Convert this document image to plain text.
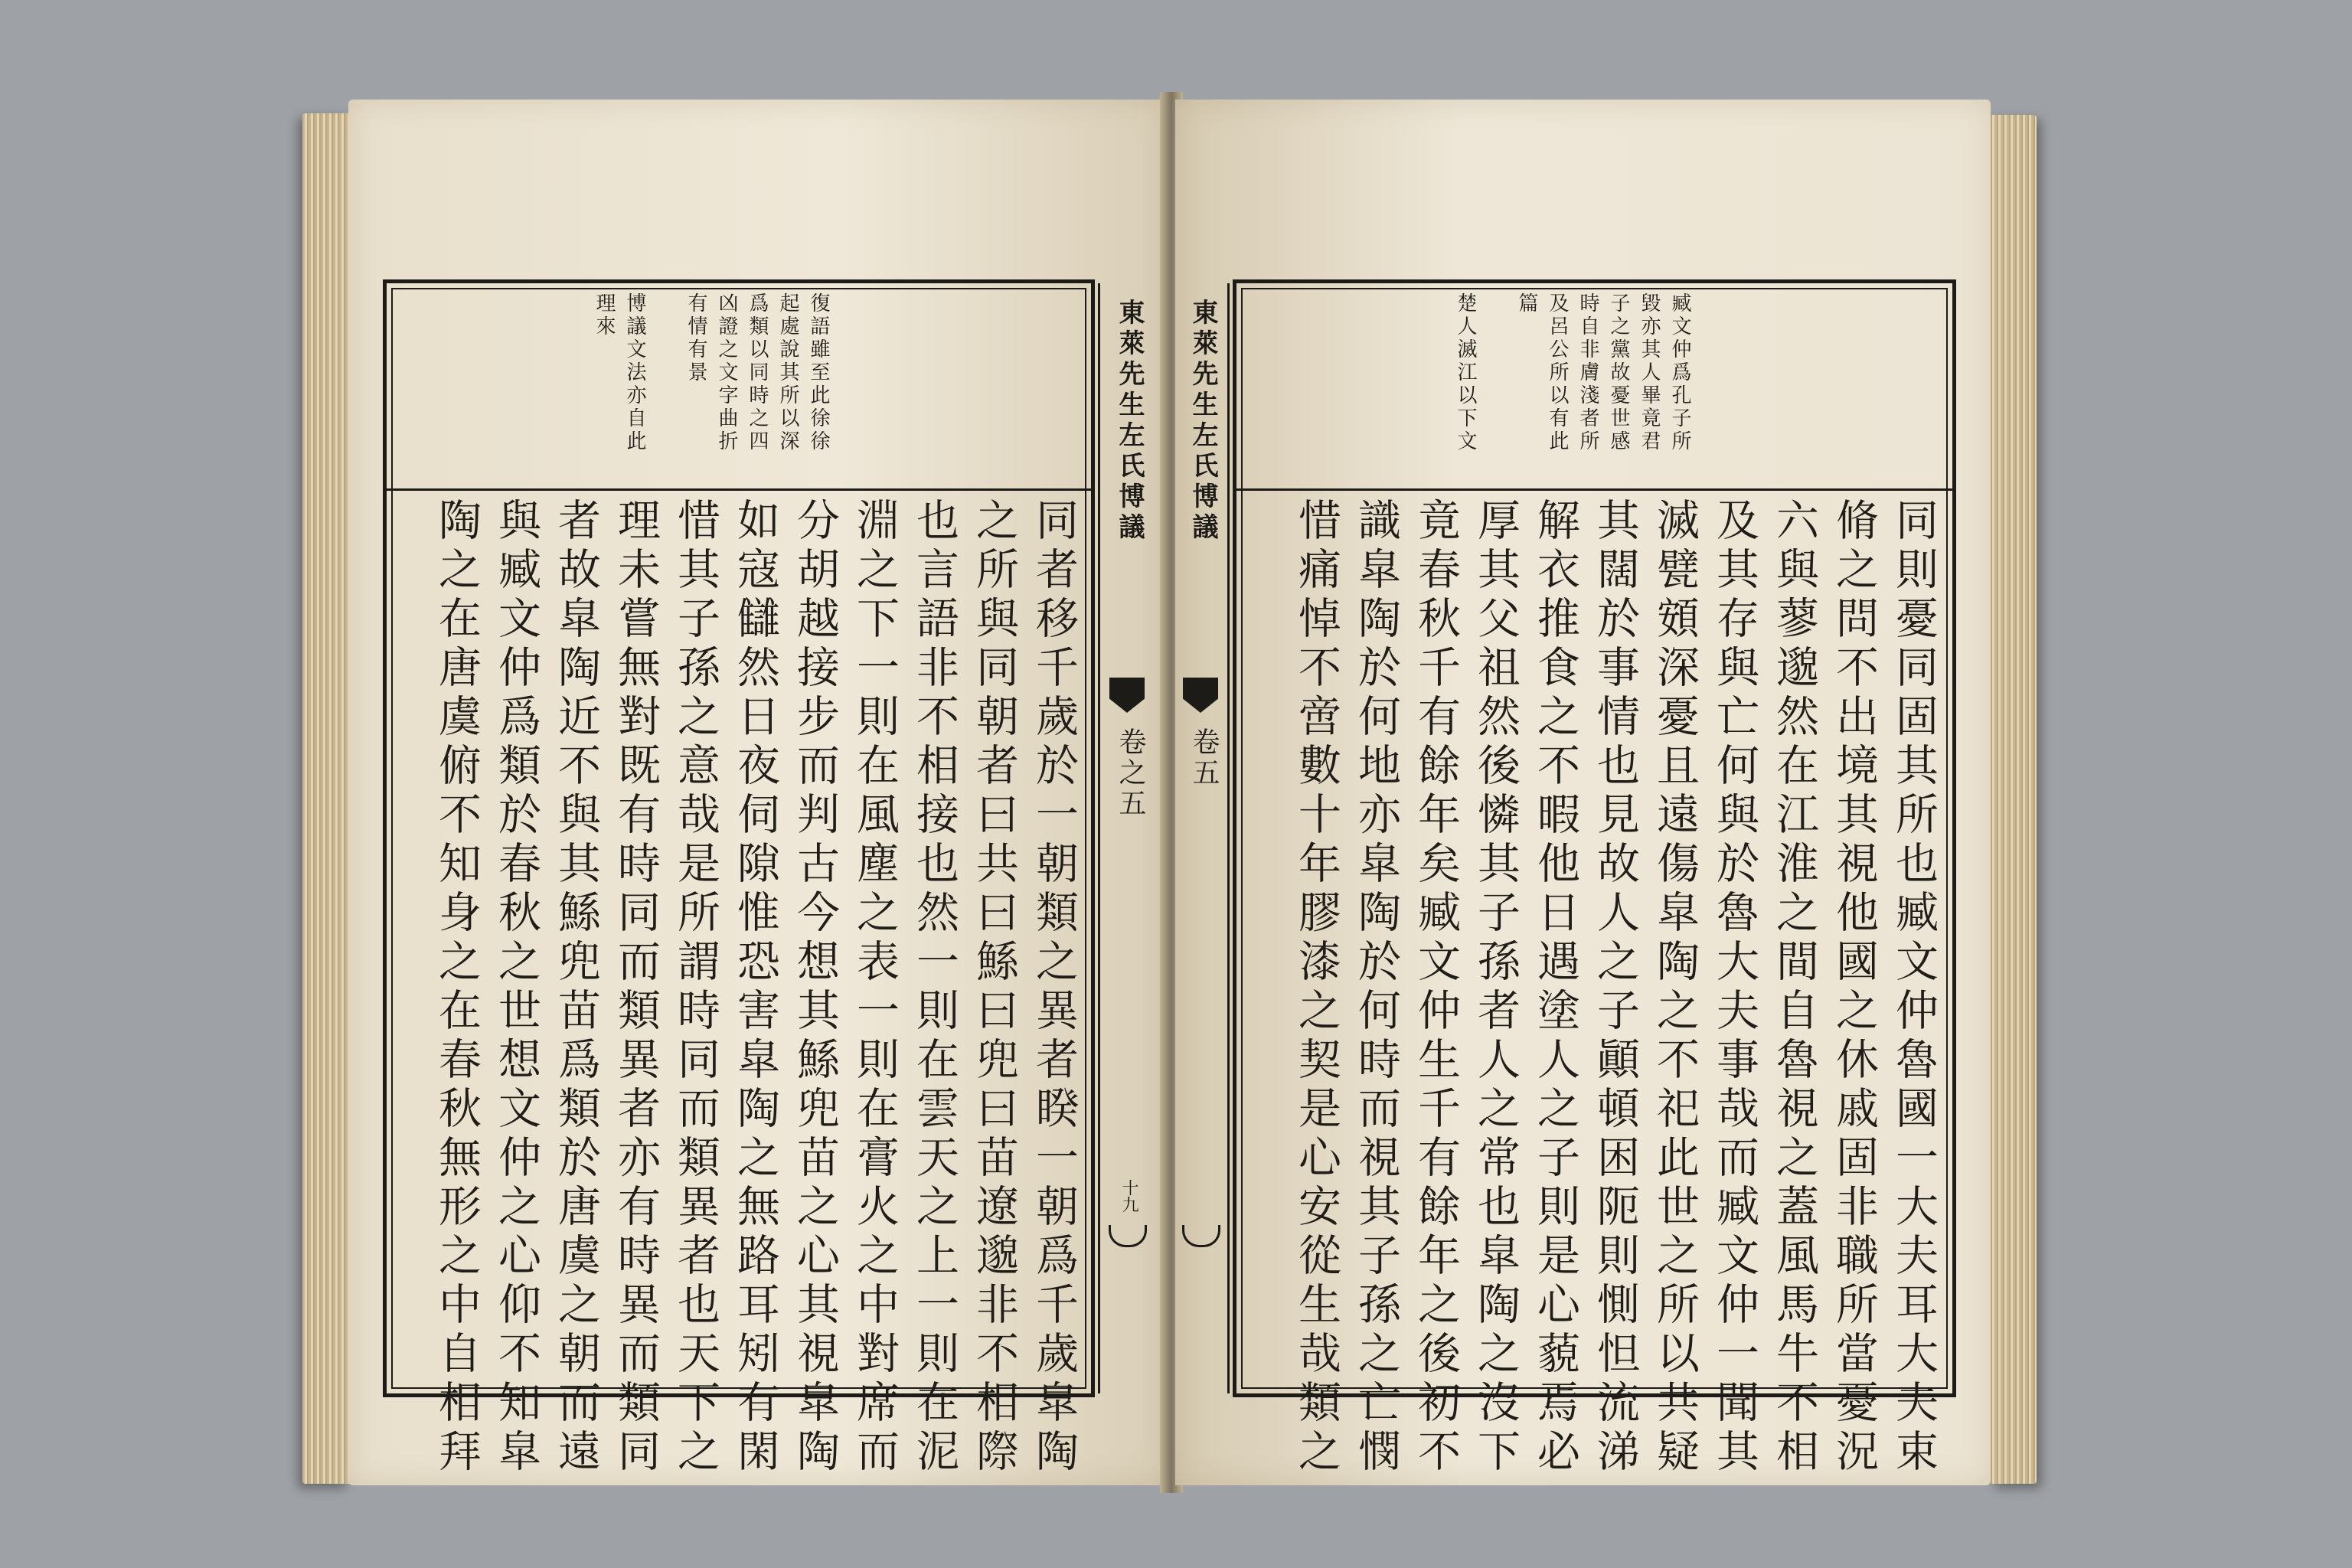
復語雖至此徐徐

起處說其所以深

爲類以同時之四

凶證之文字曲折

有情有景

博議文法亦自此

理來

同者移千歲於一朝類之異者睽一朝爲千歲皐陶

之所與同朝者曰共曰鯀曰兜曰苗遼邈非不相際

也言語非不相接也然一則在雲天之上一則在泥

淵之下一則在風塵之表一則在膏火之中對席而

分胡越接步而判古今想其鯀兜苗之心其視皐陶

如寇讎然日夜伺隙惟恐害皐陶之無路耳矧有閑

惜其子孫之意哉是所謂時同而類異者也天下之

理未嘗無對既有時同而類異者亦有時異而類同

者故皐陶近不與其鯀兜苗爲類於唐虞之朝而遠

與臧文仲爲類於春秋之世想文仲之心仰不知皐

陶之在唐虞俯不知身之在春秋無形之中自相拜

東萊先生左氏博議
卷之五
十九

臧文仲爲孔子所

毀亦其人畢竟君

子之黨故憂世感

時自非膚淺者所

及呂公所以有此

篇

楚人滅江以下文

同則憂同固其所也臧文仲魯國一大夫耳大夫束

脩之問不出境其視他國之休戚固非職所當憂況

六與蓼邈然在江淮之間自魯視之蓋風馬牛不相

及其存與亡何與於魯大夫事哉而臧文仲一聞其

滅甓頞深憂且遠傷皐陶之不祀此世之所以共疑

其闊於事情也見故人之子顚頓困阨則惻怛流涕

解衣推食之不暇他日遇塗人之子則是心藐焉必

厚其父祖然後憐其子孫者人之常也皐陶之沒下

竟春秋千有餘年矣臧文仲生千有餘年之後初不

識皐陶於何地亦皐陶於何時而視其子孫之亡憫

惜痛悼不啻數十年膠漆之契是心安從生哉類之

東萊先生左氏博議
卷五
